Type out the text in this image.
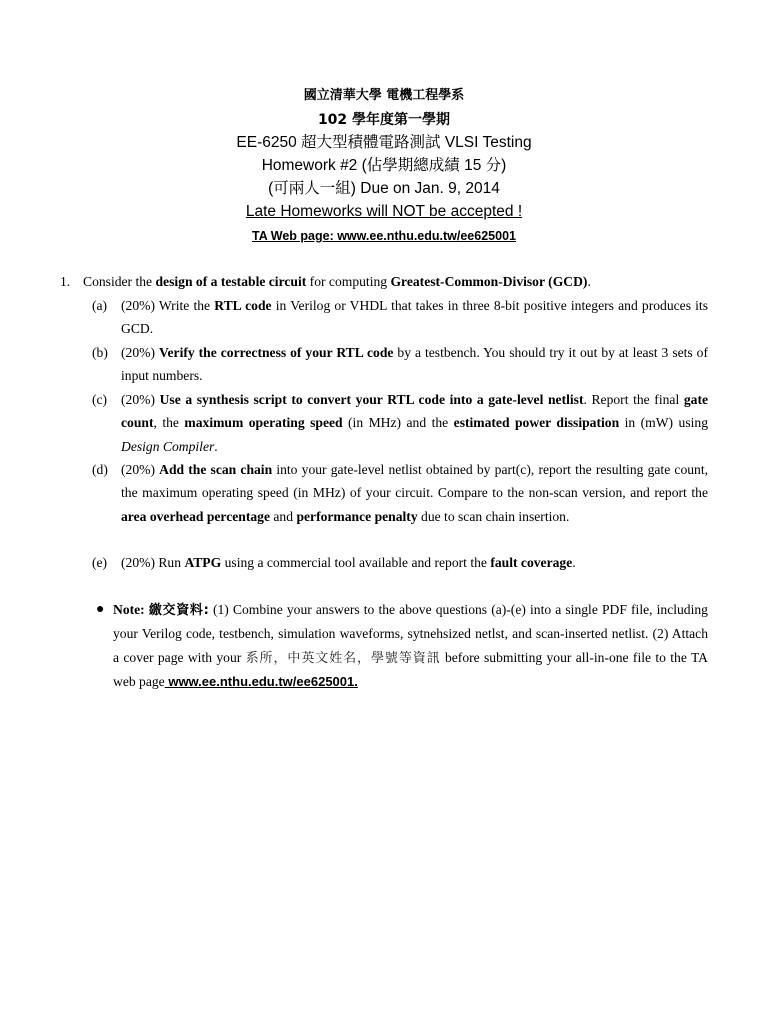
國立清華大學 電機工程學系
102 學年度第一學期
EE-6250 超大型積體電路測試 VLSI Testing
Homework #2 (佔學期總成績 15 分)
(可兩人一組) Due on Jan. 9, 2014
Late Homeworks will NOT be accepted !
TA Web page: www.ee.nthu.edu.tw/ee625001
1. Consider the design of a testable circuit for computing Greatest-Common-Divisor (GCD).
(a) (20%) Write the RTL code in Verilog or VHDL that takes in three 8-bit positive integers and produces its GCD.
(b) (20%) Verify the correctness of your RTL code by a testbench. You should try it out by at least 3 sets of input numbers.
(c) (20%) Use a synthesis script to convert your RTL code into a gate-level netlist. Report the final gate count, the maximum operating speed (in MHz) and the estimated power dissipation in (mW) using Design Compiler.
(d) (20%) Add the scan chain into your gate-level netlist obtained by part(c), report the resulting gate count, the maximum operating speed (in MHz) of your circuit. Compare to the non-scan version, and report the area overhead percentage and performance penalty due to scan chain insertion.
(e) (20%) Run ATPG using a commercial tool available and report the fault coverage.
● Note: 繳交資料: (1) Combine your answers to the above questions (a)-(e) into a single PDF file, including your Verilog code, testbench, simulation waveforms, sytnehsized netlst, and scan-inserted netlist. (2) Attach a cover page with your 系所，中英文姓名，學號等資訊 before submitting your all-in-one file to the TA web page www.ee.nthu.edu.tw/ee625001.
